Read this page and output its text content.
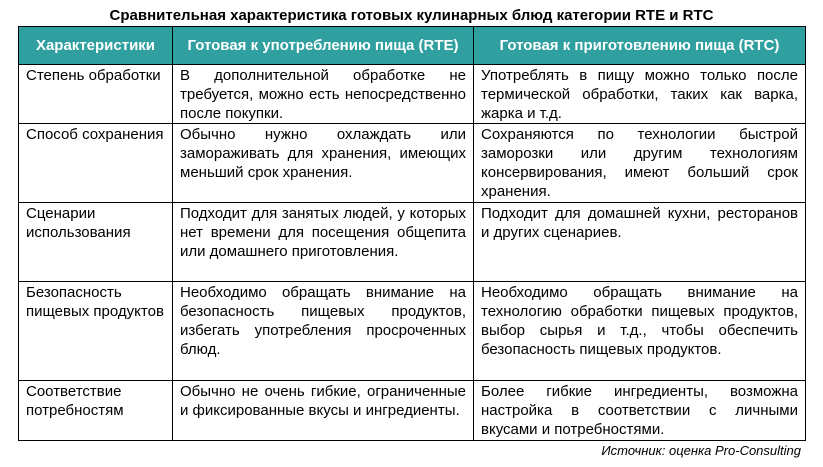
Сравнительная характеристика готовых кулинарных блюд категории RTE и RTC
Характеристики	Готовая к употреблению пища (RTE)	Готовая к приготовлению пища (RTC)
Степень обработки	В дополнительной обработке не требуется, можно есть непосредственно после покупки.	Употреблять в пищу можно только после термической обработки, таких как варка, жарка и т.д.
Способ сохранения	Обычно нужно охлаждать или замораживать для хранения, имеющих меньший срок хранения.	Сохраняются по технологии быстрой заморозки или другим технологиям консервирования, имеют больший срок хранения.
Сценарии использования	Подходит для занятых людей, у которых нет времени для посещения общепита или домашнего приготовления.	Подходит для домашней кухни, ресторанов и других сценариев.
Безопасность пищевых продуктов	Необходимо обращать внимание на безопасность пищевых продуктов, избегать употребления просроченных блюд.	Необходимо обращать внимание на технологию обработки пищевых продуктов, выбор сырья и т.д., чтобы обеспечить безопасность пищевых продуктов.
Соответствие потребностям	Обычно не очень гибкие, ограниченные и фиксированные вкусы и ингредиенты.	Более гибкие ингредиенты, возможна настройка в соответствии с личными вкусами и потребностями.
Источник: оценка Pro-Consulting
